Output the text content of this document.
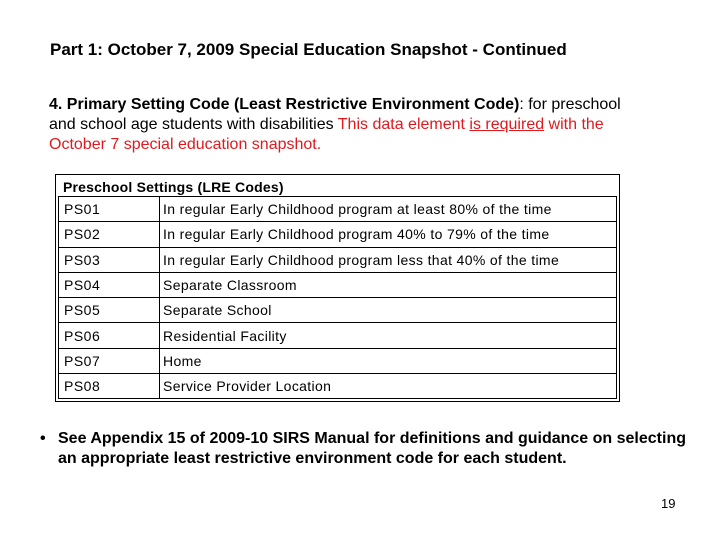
Part 1: October 7, 2009 Special Education Snapshot - Continued
4. Primary Setting Code (Least Restrictive Environment Code): for preschool and school age students with disabilities This data element is required with the October 7 special education snapshot.
Preschool Settings (LRE Codes)
PS01	In regular Early Childhood program at least 80% of the time
PS02	In regular Early Childhood program 40% to 79% of the time
PS03	In regular Early Childhood program less that 40% of the time
PS04	Separate Classroom
PS05	Separate School
PS06	Residential Facility
PS07	Home
PS08	Service Provider Location
• See Appendix 15 of 2009-10 SIRS Manual for definitions and guidance on selecting an appropriate least restrictive environment code for each student.
19
